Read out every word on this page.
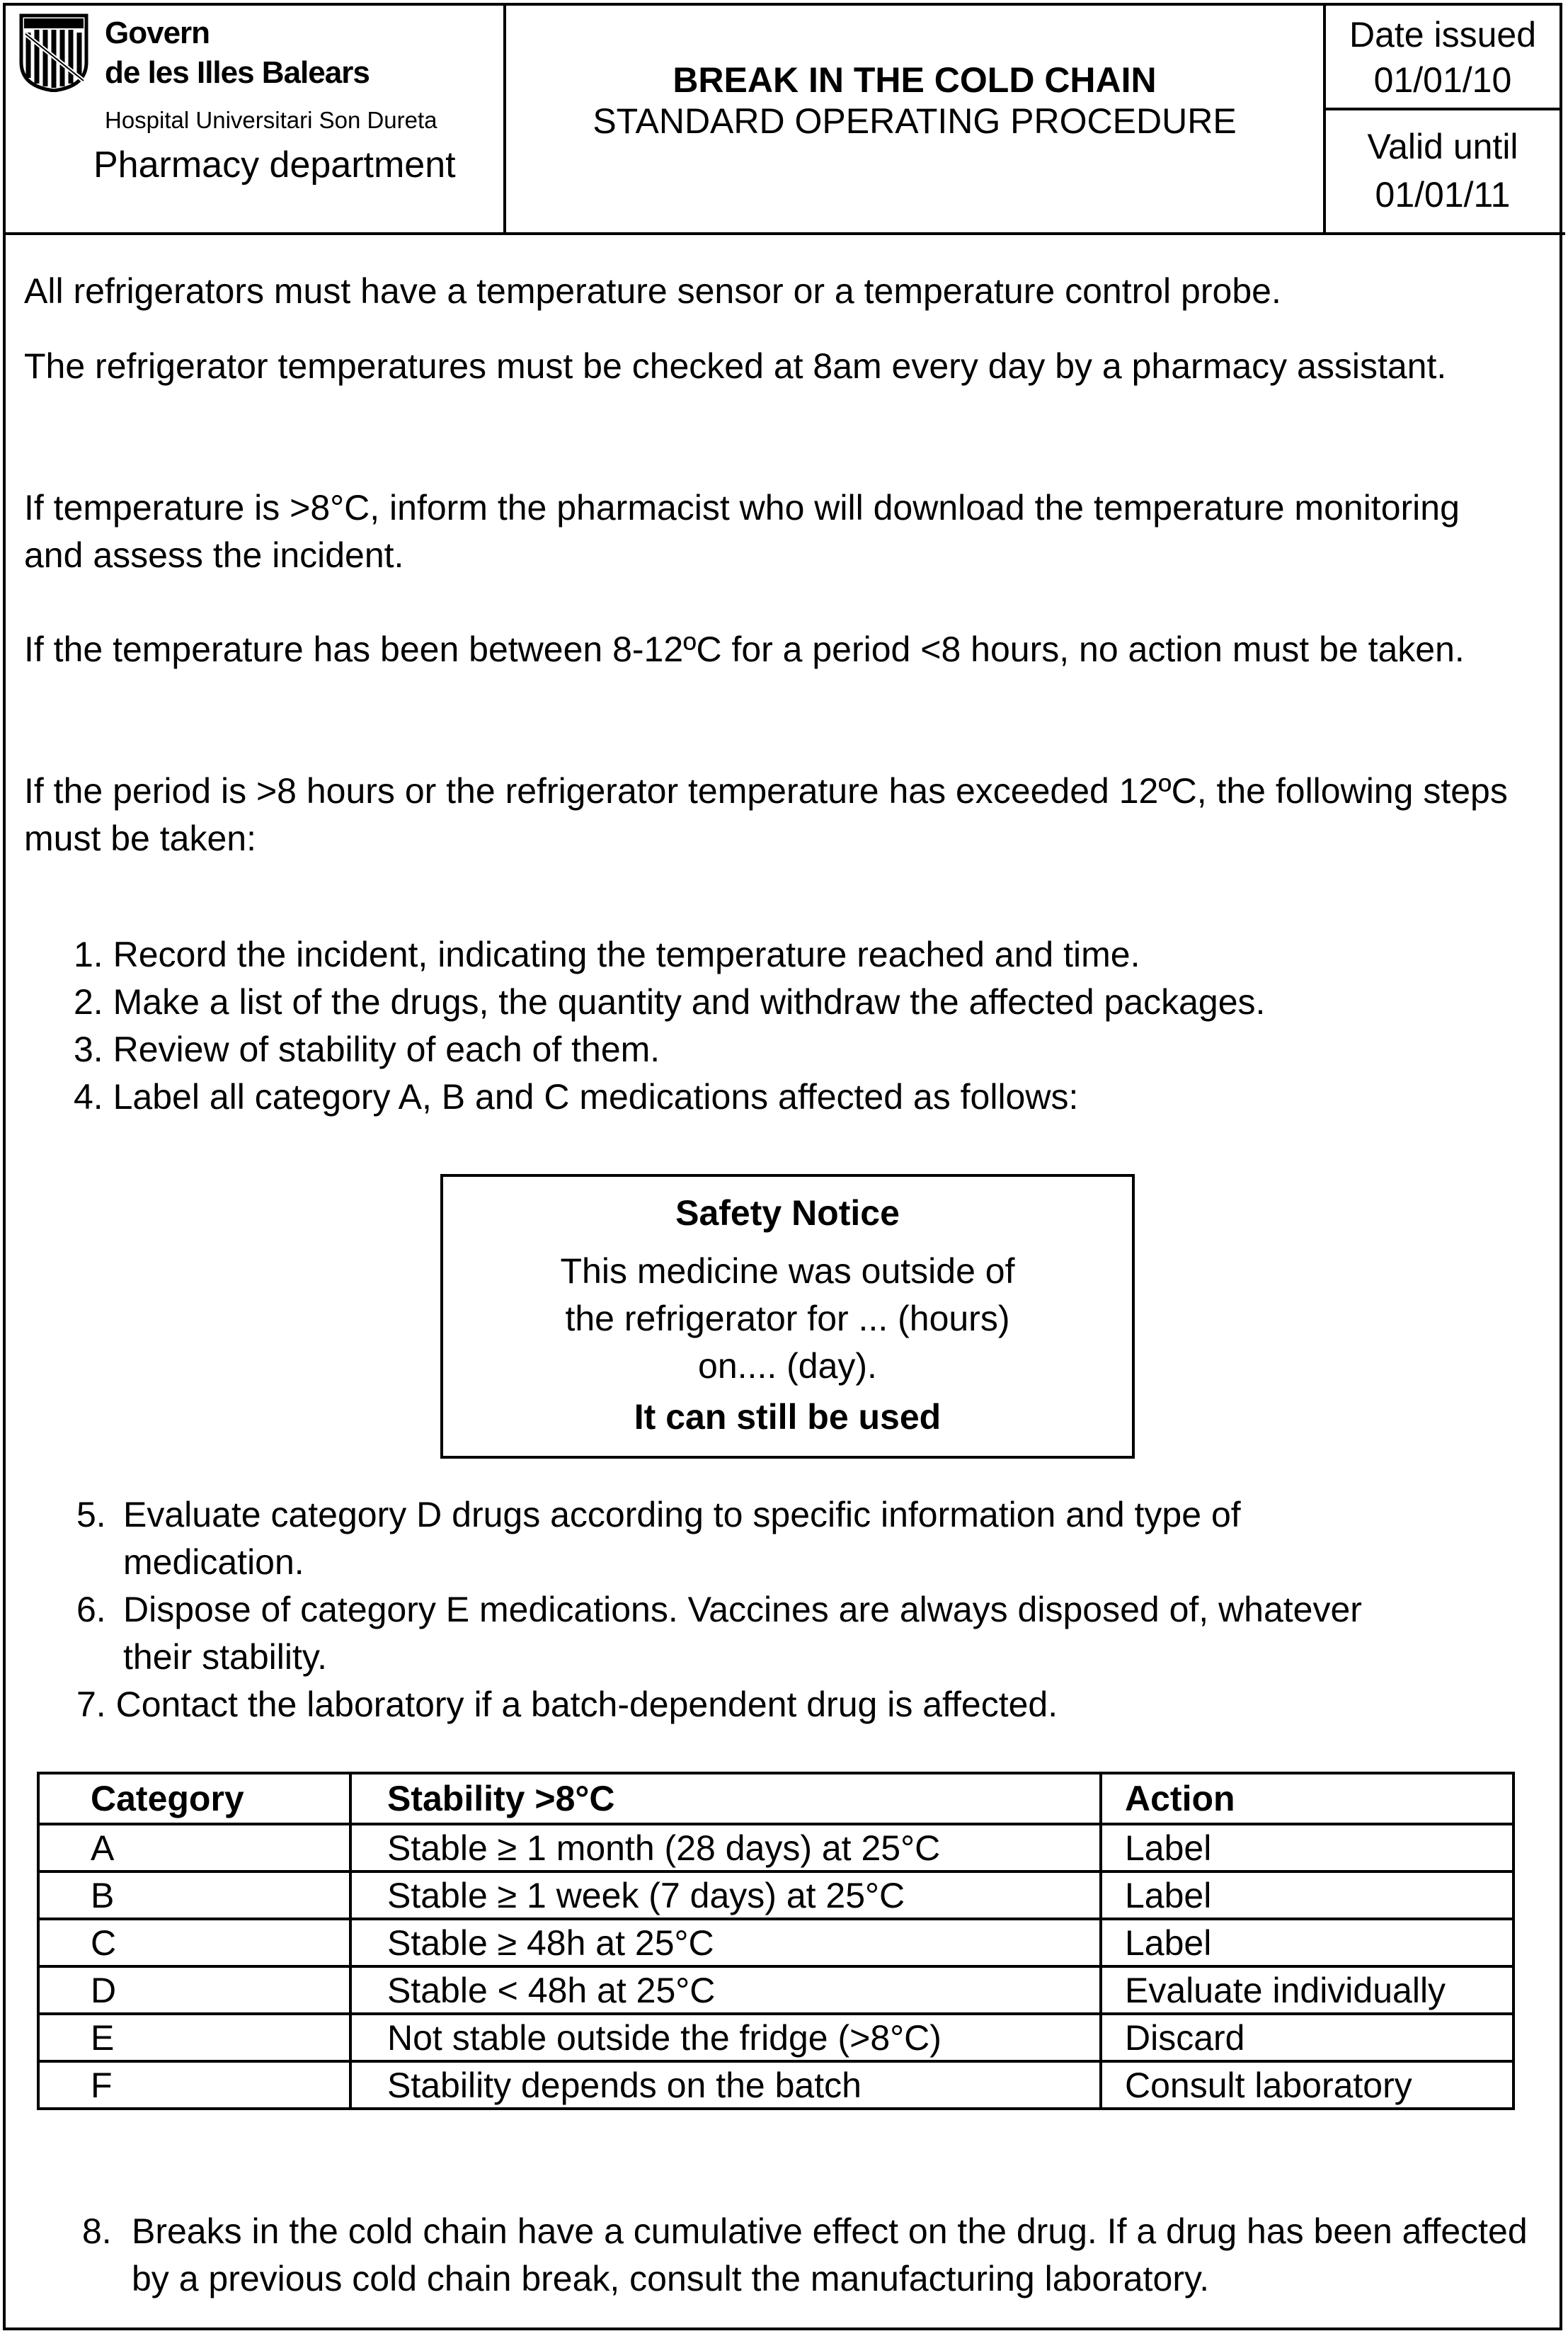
Govern
de les Illes Balears
Hospital Universitari Son Dureta
Pharmacy department
BREAK IN THE COLD CHAIN
STANDARD OPERATING PROCEDURE
Date issued
01/01/10
Valid until
01/01/11

All refrigerators must have a temperature sensor or a temperature control probe.

The refrigerator temperatures must be checked at 8am every day by a pharmacy assistant.

If temperature is >8°C, inform the pharmacist who will download the temperature monitoring and assess the incident.

If the temperature has been between 8-12ºC for a period <8 hours, no action must be taken.

If the period is >8 hours or the refrigerator temperature has exceeded 12ºC, the following steps must be taken:

1. Record the incident, indicating the temperature reached and time.
2. Make a list of the drugs, the quantity and withdraw the affected packages.
3. Review of stability of each of them.
4. Label all category A, B and C medications affected as follows:
Safety Notice
This medicine was outside of
the refrigerator for ... (hours)
on.... (day).
It can still be used
5. Evaluate category D drugs according to specific information and type of medication.
6. Dispose of category E medications. Vaccines are always disposed of, whatever their stability.
7. Contact the laboratory if a batch-dependent drug is affected.
Category	Stability >8°C	Action
A	Stable ≥ 1 month (28 days) at 25°C	Label
B	Stable ≥ 1 week (7 days) at 25°C	Label
C	Stable ≥ 48h at 25°C	Label
D	Stable < 48h at 25°C	Evaluate individually
E	Not stable outside the fridge (>8°C)	Discard
F	Stability depends on the batch	Consult laboratory
8. Breaks in the cold chain have a cumulative effect on the drug. If a drug has been affected by a previous cold chain break, consult the manufacturing laboratory.
